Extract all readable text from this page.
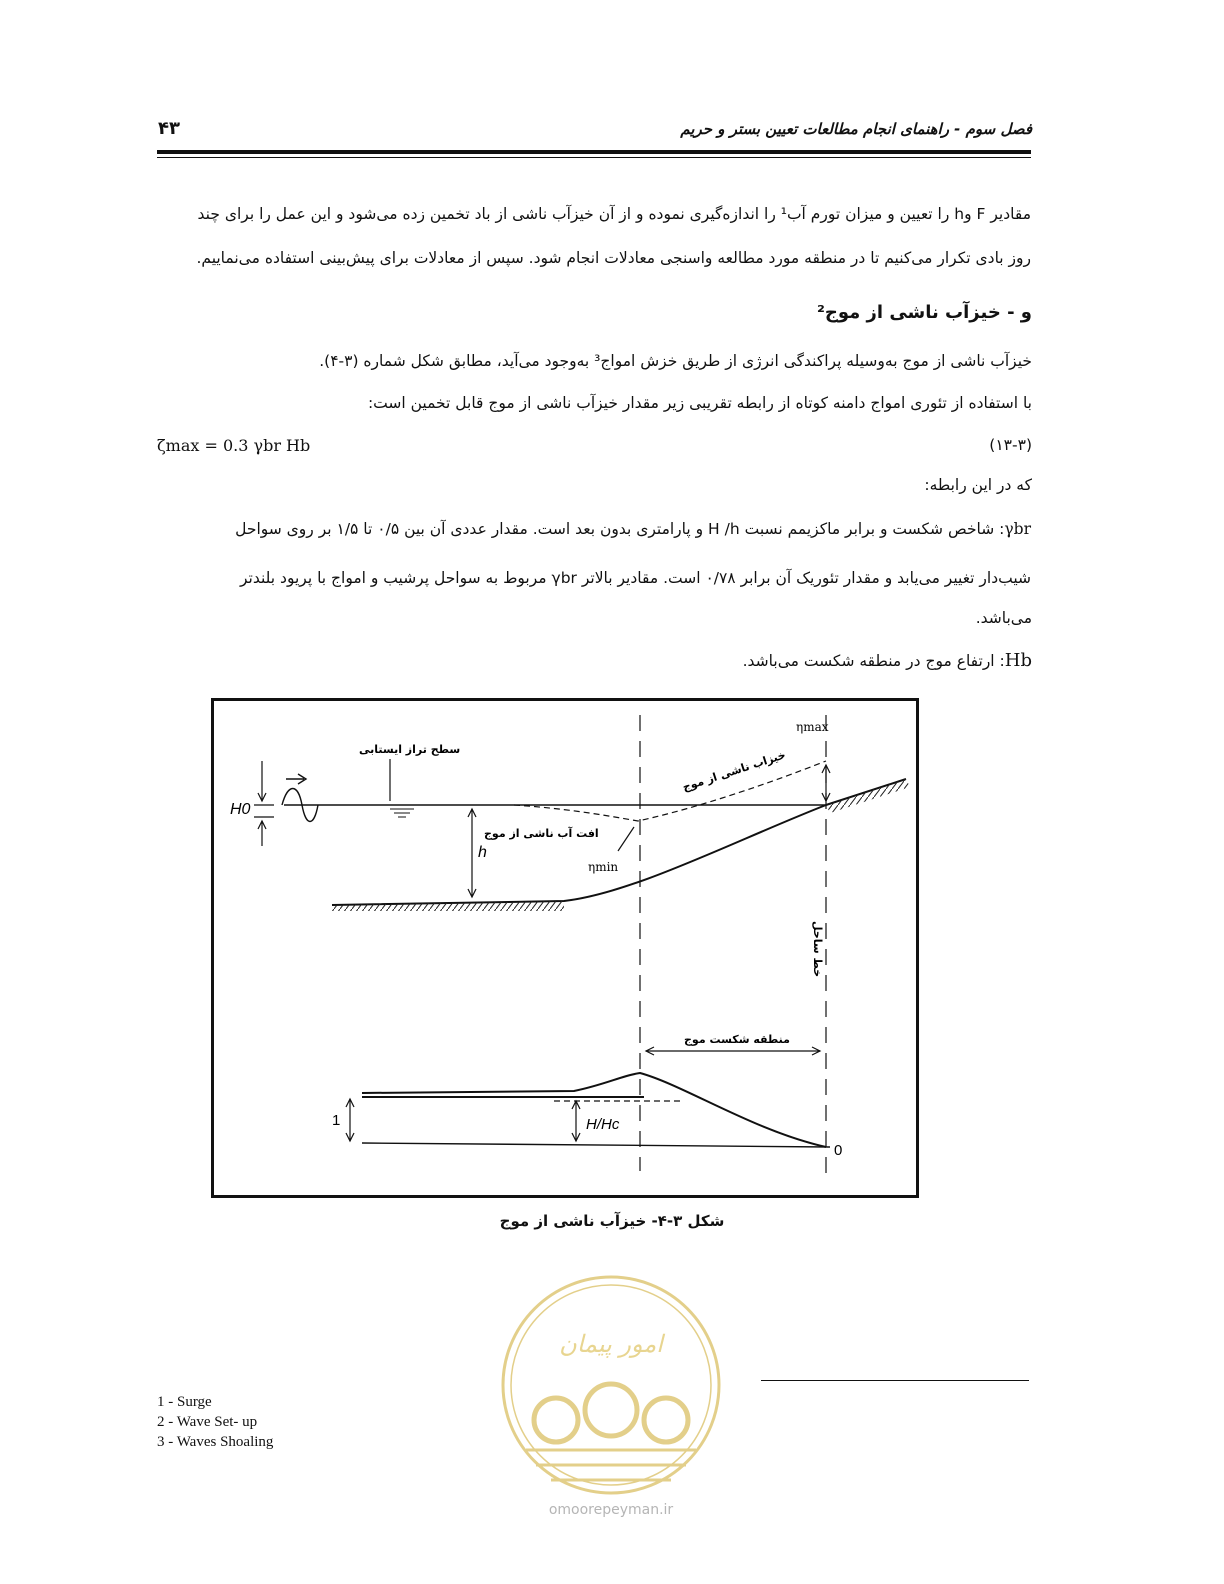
فصل سوم - راهنمای انجام مطالعات تعیین بستر و حریم
۴۳
مقادیر F وh را تعیین و میزان تورم آب¹ را اندازه‌گیری نموده و از آن خیزآب ناشی از باد تخمین زده می‌شود و این عمل را برای چند
روز بادی تکرار می‌کنیم تا در منطقه مورد مطالعه واسنجی معادلات انجام شود. سپس از معادلات برای پیش‌بینی استفاده می‌نماییم.
و - خیزآب ناشی از موج²
خیزآب ناشی از موج به‌وسیله پراکندگی انرژی از طریق خزش امواج³ به‌وجود می‌آید، مطابق شکل شماره (۳-۴).
با استفاده از تئوری امواج دامنه کوتاه از رابطه تقریبی زیر مقدار خیزآب ناشی از موج قابل تخمین است:
ζmax = 0.3 γbr Hb	(۱۳-۳)
که در این رابطه:
γbr: شاخص شکست و برابر ماکزیمم نسبت H /h و پارامتری بدون بعد است. مقدار عددی آن بین ۰/۵ تا ۱/۵ بر روی سواحل
شیب‌دار تغییر می‌یابد و مقدار تئوریک آن برابر ۰/۷۸ است. مقادیر بالاتر γbr مربوط به سواحل پرشیب و امواج با پریود بلندتر
می‌باشد.
Hb: ارتفاع موج در منطقه شکست می‌باشد.
H0
سطح تراز ایستابی
h
افت آب ناشی از موج
خیزاب ناشی از موج
ηmin
ηmax
خط ساحل
منطقه شکست موج
1	H/Hc
0
شکل ۳-۴- خیزآب ناشی از موج
امور پیمان
omoorepeyman.ir
1 - Surge
2 - Wave Set- up
3 - Waves Shoaling
